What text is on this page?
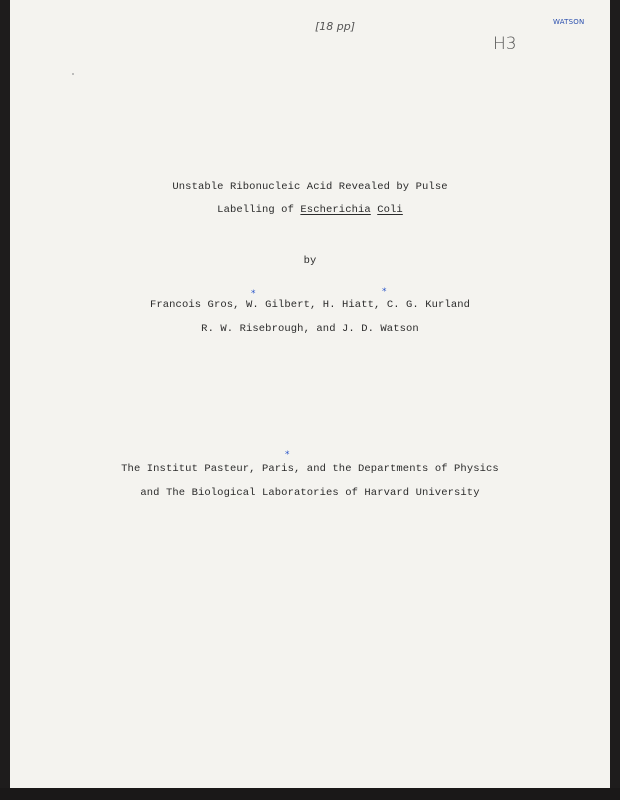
[18 pp]
H3
WATSON
Unstable Ribonucleic Acid Revealed by Pulse
Labelling of Escherichia Coli
by
*	*
Francois Gros, W. Gilbert, H. Hiatt, C. G. Kurland
R. W. Risebrough, and J. D. Watson
*
The Institut Pasteur, Paris, and the Departments of Physics
and The Biological Laboratories of Harvard University
